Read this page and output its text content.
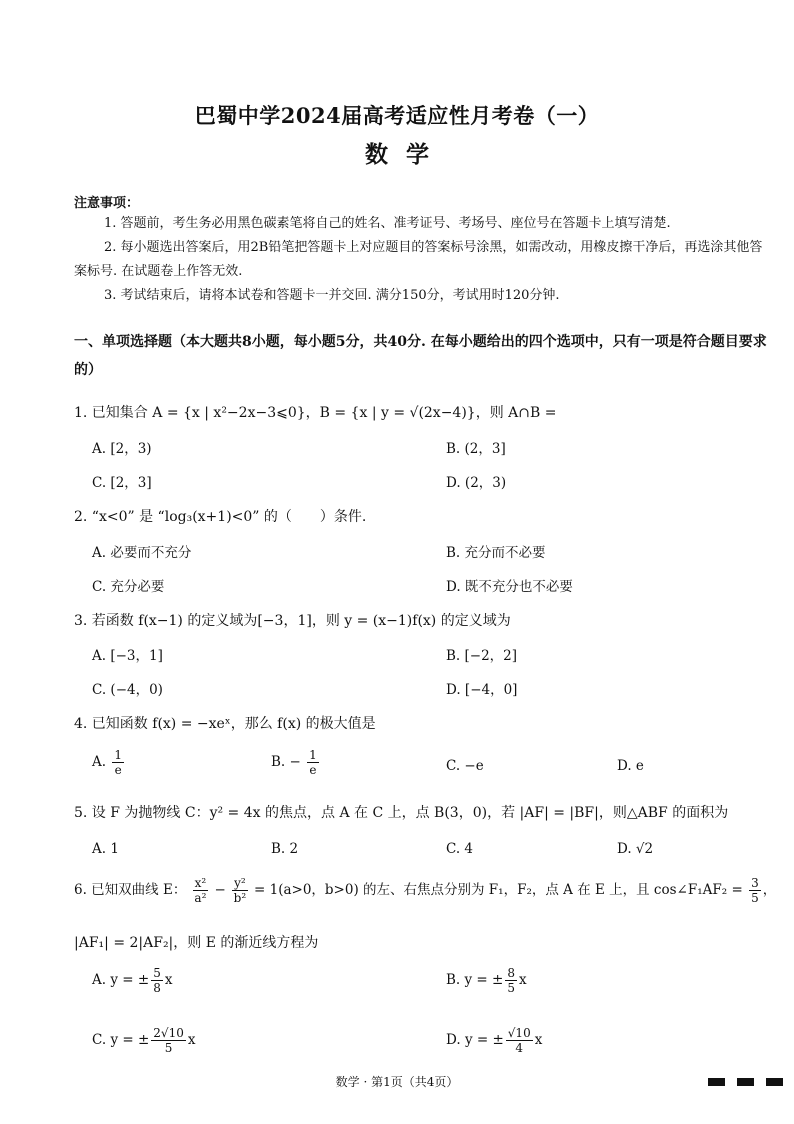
巴蜀中学2024届高考适应性月考卷（一）
数学
注意事项：

1. 答题前，考生务必用黑色碳素笔将自己的姓名、准考证号、考场号、座位号在答题卡上填写清楚.

2. 每小题选出答案后，用2B铅笔把答题卡上对应题目的答案标号涂黑，如需改动，用橡皮擦干净后，再选涂其他答案标号. 在试题卷上作答无效.

3. 考试结束后，请将本试卷和答题卡一并交回. 满分150分，考试用时120分钟.

一、单项选择题（本大题共8小题，每小题5分，共40分. 在每小题给出的四个选项中，只有一项是符合题目要求的）
1. 已知集合 A = {x | x²−2x−3⩽0}，B = {x | y = √(2x−4)}，则 A∩B =
A. [2，3)	B. (2，3]
C. [2，3]	D. (2，3)
2. “x<0” 是 “log₃(x+1)<0” 的（　　）条件.
A. 必要而不充分	B. 充分而不必要
C. 充分必要	D. 既不充分也不必要
3. 若函数 f(x−1) 的定义域为[−3，1]，则 y = (x−1)f(x) 的定义域为
A. [−3，1]	B. [−2，2]
C. (−4，0)	D. [−4，0]
4. 已知函数 f(x) = −xeˣ，那么 f(x) 的极大值是
A. $\frac{1}{e}$	B. − $\frac{1}{e}$	C. −e	D. e
5. 设 F 为抛物线 C：y² = 4x 的焦点，点 A 在 C 上，点 B(3，0)，若 |AF| = |BF|，则△ABF 的面积为
A. 1	B. 2	C. 4	D. √2
6. 已知双曲线 E： $\frac{\text{x²}}{\text{a²}} - \frac{\text{y²}}{\text{b²}} = 1(a>0$，b>0) 的左、右焦点分别为 F₁，F₂，点 A 在 E 上，且 cos∠F₁AF₂ = $\frac{3}{5}$ ，
|AF₁| = 2|AF₂|，则 E 的渐近线方程为
A. y = ± $\frac{5}{8}$ x	B. y = ± $\frac{8}{5}$ x
C. y = ± $\frac{2√10}{5}$ x	D. y = ± $\frac{√10}{4}$ x
数学 · 第1页（共4页）
